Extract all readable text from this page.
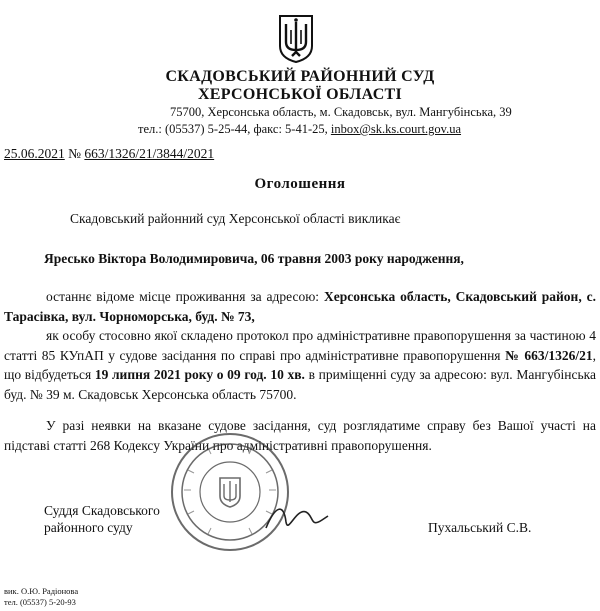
СКАДОВСЬКИЙ РАЙОННИЙ СУД
ХЕРСОНСЬКОЇ ОБЛАСТІ
75700, Херсонська область, м. Скадовськ, вул. Мангубінська, 39
тел.: (05537) 5-25-44, факс: 5-41-25, inbox@sk.ks.court.gov.ua
25.06.2021 № 663/1326/21/3844/2021
Оголошення
Скадовський районний суд Херсонської області викликає
Яресько Віктора Володимировича, 06 травня 2003 року народження,

останнє відоме місце проживання за адресою: Херсонська область, Скадовський район, с. Тарасівка, вул. Чорноморська, буд. № 73,
як особу стосовно якої складено протокол про адміністративне правопорушення за частиною 4 статті 85 КУпАП у судове засідання по справі про адміністративне правопорушення № 663/1326/21, що відбудеться 19 липня 2021 року о 09 год. 10 хв. в приміщенні суду за адресою: вул. Мангубінська буд. № 39 м. Скадовськ Херсонська область 75700.

У разі неявки на вказане судове засідання, суд розглядатиме справу без Вашої участі на підставі статті 268 Кодексу України про адміністративні правопорушення.

Суддя Скадовського
районного суду	Пухальський С.В.
вик. О.Ю. Радіонова
тел. (05537) 5-20-93
